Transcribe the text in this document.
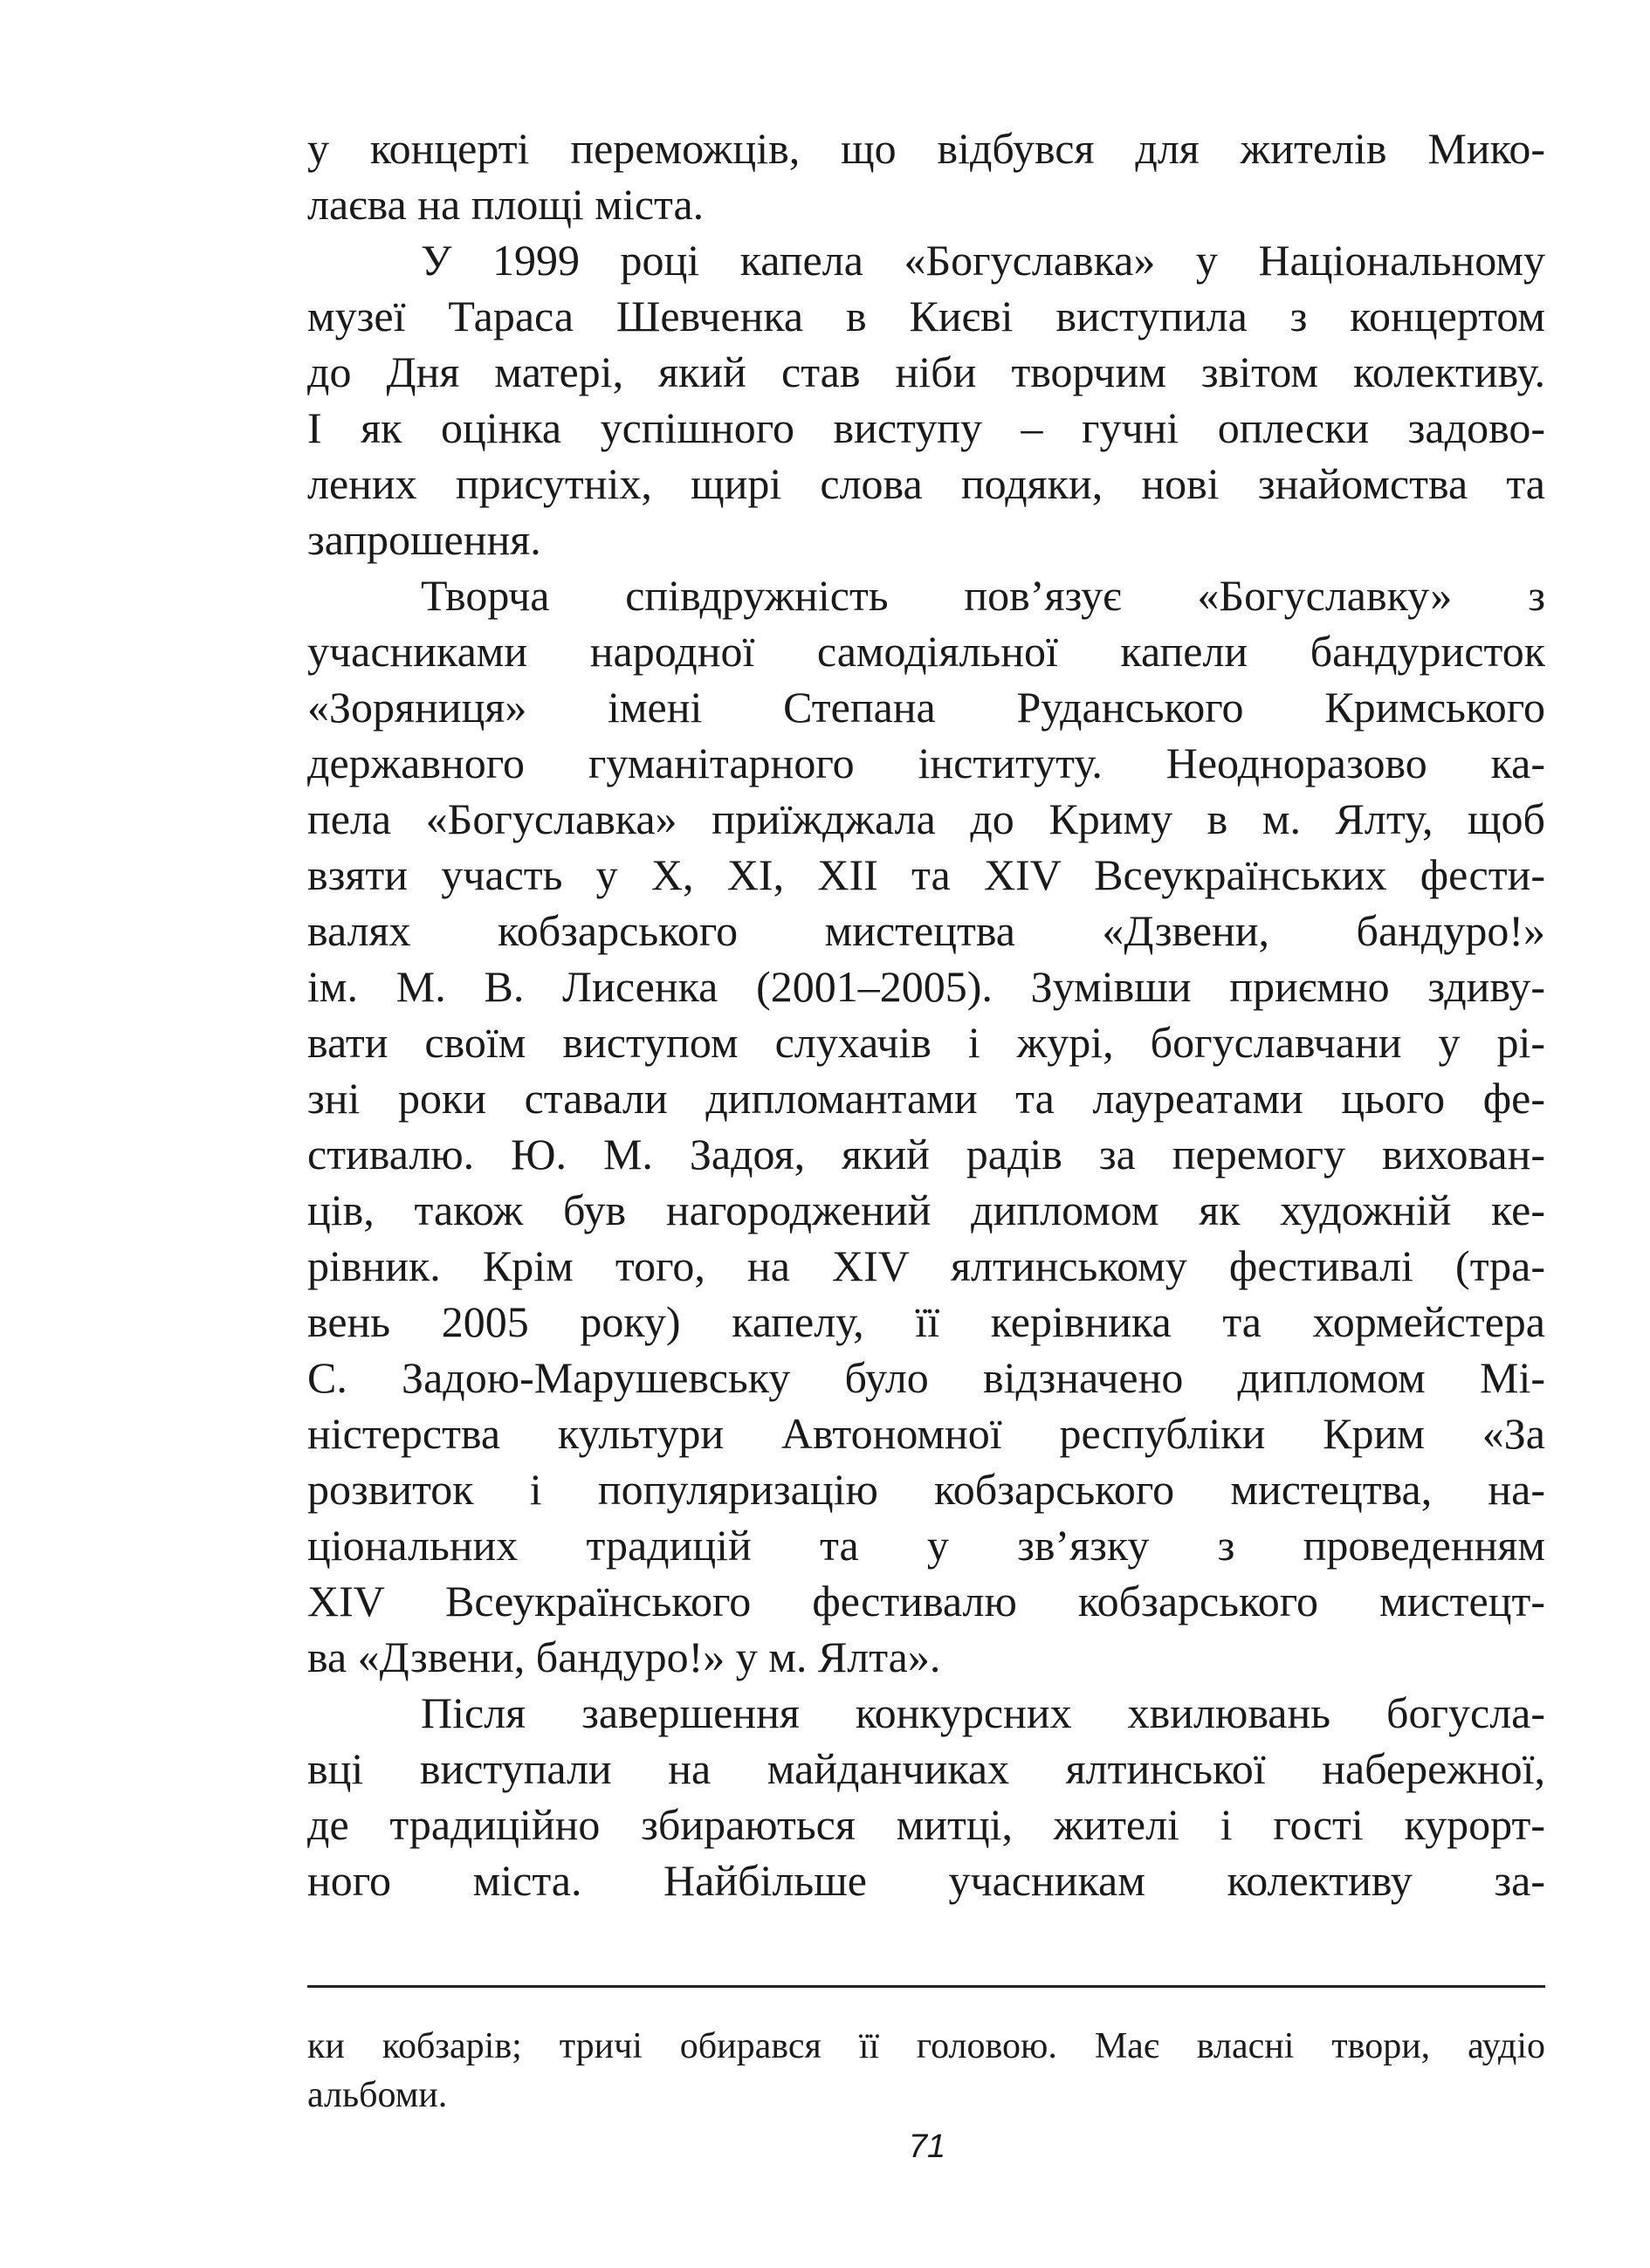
у концерті переможців, що відбувся для жителів Мико-
лаєва на площі міста.
У 1999 році капела «Богуславка» у Національному
музеї Тараса Шевченка в Києві виступила з концертом
до Дня матері, який став ніби творчим звітом колективу.
І як оцінка успішного виступу – гучні оплески задово-
лених присутніх, щирі слова подяки, нові знайомства та
запрошення.
Творча співдружність пов’язує «Богуславку» з
учасниками народної самодіяльної капели бандуристок
«Зоряниця» імені Степана Руданського Кримського
державного гуманітарного інституту. Неодноразово ка-
пела «Богуславка» приїжджала до Криму в м. Ялту, щоб
взяти участь у X, XI, XII та XIV Всеукраїнських фести-
валях кобзарського мистецтва «Дзвени, бандуро!»
ім. М. В. Лисенка (2001–2005). Зумівши приємно здиву-
вати своїм виступом слухачів і журі, богуславчани у рі-
зні роки ставали дипломантами та лауреатами цього фе-
стивалю. Ю. М. Задоя, який радів за перемогу вихован-
ців, також був нагороджений дипломом як художній ке-
рівник. Крім того, на XIV ялтинському фестивалі (тра-
вень 2005 року) капелу, її керівника та хормейстера
С. Задою-Марушевську було відзначено дипломом Мі-
ністерства культури Автономної республіки Крим «За
розвиток і популяризацію кобзарського мистецтва, на-
ціональних традицій та у зв’язку з проведенням
XIV Всеукраїнського фестивалю кобзарського мистецт-
ва «Дзвени, бандуро!» у м. Ялта».
Після завершення конкурсних хвилювань богусла-
вці виступали на майданчиках ялтинської набережної,
де традиційно збираються митці, жителі і гості курорт-
ного міста. Найбільше учасникам колективу за-
ки кобзарів; тричі обирався її головою. Має власні твори, аудіо
альбоми.
71
